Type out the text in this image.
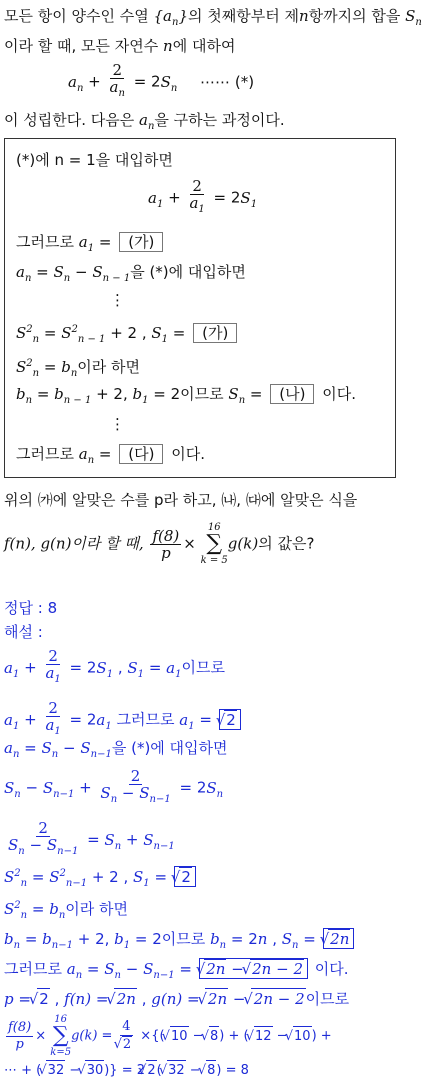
모든 항이 양수인 수열 $\{a_n\}$의 첫째항부터 제n항까지의 합을 $S_n$
이라 할 때, 모든 자연수 n에 대하여
$a_n + \frac{2}{a_n} = 2S_n$ ⋯⋯ (*)
이 성립한다. 다음은 $a_n$을 구하는 과정이다.
(*)에 n = 1을 대입하면
$a_1 + \frac{2}{a_1} = 2S_1$
그러므로 $a_1$ = (가)
$a_n = S_n - S_{n - 1}$을 (*)에 대입하면
⋮
$S^2_n = S^2_{n - 1} + 2$ , $S_1$ = (가)
$S^2_n = b_n$이라 하면
$b_n = b_{n - 1} + 2$, $b_1 = 2$이므로 $S_n$ = (나) 이다.
⋮
그러므로 $a_n$ = (다) 이다.
위의 ㈎에 알맞은 수를 p라 하고, ㈏, ㈐에 알맞은 식을
f(n), g(n)이라 할 때, $\frac{f(8)}{p}$ ×
16
∑
k = 5
g(k)의 값은?
정답 : 8
해설 :
$a_1 + \frac{2}{a_1} = 2S_1$ , $S_1 = a_1$이므로
$a_1 + \frac{2}{a_1} = 2a_1$ 그러므로 $a_1$ = √ 2
$a_n = S_n - S_{n-1}$을 (*)에 대입하면
$S_n - S_{n-1} + \frac{2}{S_n - S_{n-1}} = 2S_n$
$\frac{2}{S_n - S_{n-1}} = S_n + S_{n-1}$
$S^2_n = S^2_{n-1} + 2$ , $S_1$ = √ 2
$S^2_n = b_n$이라 하면
$b_n = b_{n-1} + 2$, $b_1 = 2$이므로 $b_n = 2n$ , $S_n$ = √ 2n
그러므로 $a_n = S_n - S_{n-1}$ = √ 2n − √ 2n − 2 이다.
p = √ 2 , f(n) = √ 2n , g(n) = √ 2n − √ 2n − 2이므로
$\frac{f(8)}{p}$ ×
16
∑
k=5
g(k) = 4
√ 2 ×{( √ 10 − √ 8) + ( √ 12 − √ 10) +
⋯ + ( √ 32 − √ 30)} = 2√ 2( √ 32 − √ 8) = 8
